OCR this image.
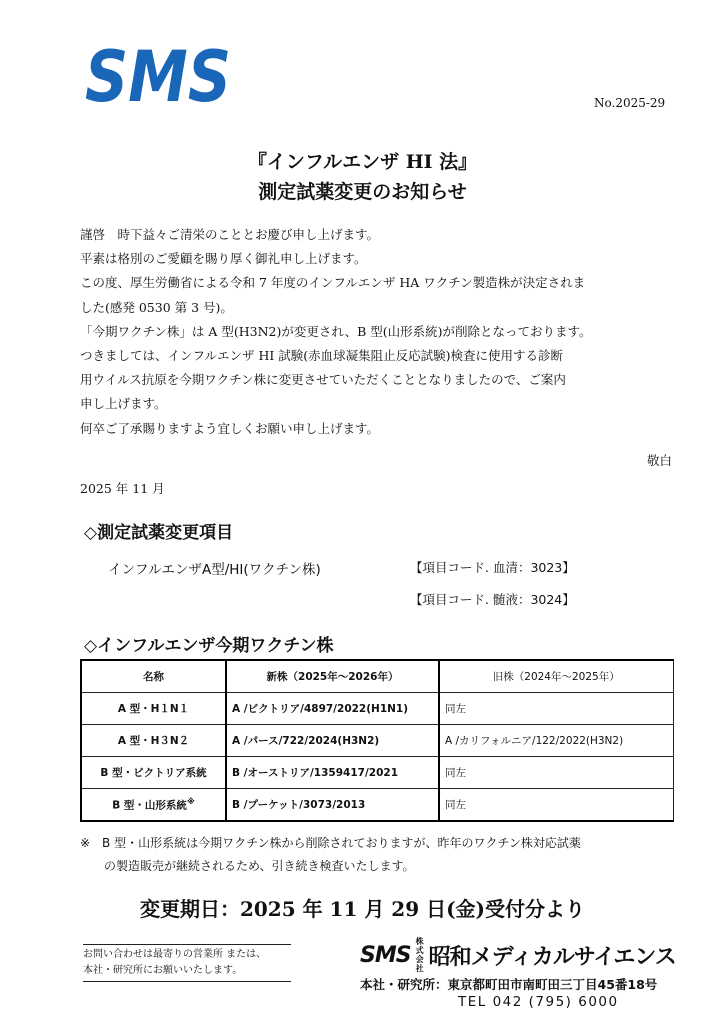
SMS	No.2025-29
『インフルエンザ HI 法』
測定試薬変更のお知らせ
謹啓　時下益々ご清栄のこととお慶び申し上げます。
平素は格別のご愛顧を賜り厚く御礼申し上げます。
この度、厚生労働省による令和 7 年度のインフルエンザ HA ワクチン製造株が決定されま
した(感発 0530 第 3 号)。
「今期ワクチン株」は A 型(H3N2)が変更され、B 型(山形系統)が削除となっております。
つきましては、インフルエンザ HI 試験(赤血球凝集阻止反応試験)検査に使用する診断
用ウイルス抗原を今期ワクチン株に変更させていただくこととなりましたので、ご案内
申し上げます。
何卒ご了承賜りますよう宜しくお願い申し上げます。
敬白
2025 年 11 月
◇測定試薬変更項目
インフルエンザA型/HI(ワクチン株)	【項目コード. 血清：3023】
【項目コード. 髄液：3024】
◇インフルエンザ今期ワクチン株
名称	新株（2025年～2026年）	旧株（2024年～2025年）
A 型・H１N１	A /ビクトリア/4897/2022(H1N1)	同左
A 型・H３N２	A /パース/722/2024(H3N2)	A /カリフォルニア/122/2022(H3N2)
B 型・ビクトリア系統	B /オーストリア/1359417/2021	同左
B 型・山形系統※	B /プーケット/3073/2013	同左
※　B 型・山形系統は今期ワクチン株から削除されておりますが、昨年のワクチン株対応試薬
の製造販売が継続されるため、引き続き検査いたします。
変更期日：2025 年 11 月 29 日(金)受付分より
お問い合わせは最寄りの営業所 または、
本社・研究所にお願いいたします。
SMS
株式
会社 昭和メディカルサイエンス
本社・研究所：東京都町田市南町田三丁目45番18号
TEL 042 (795) 6000
